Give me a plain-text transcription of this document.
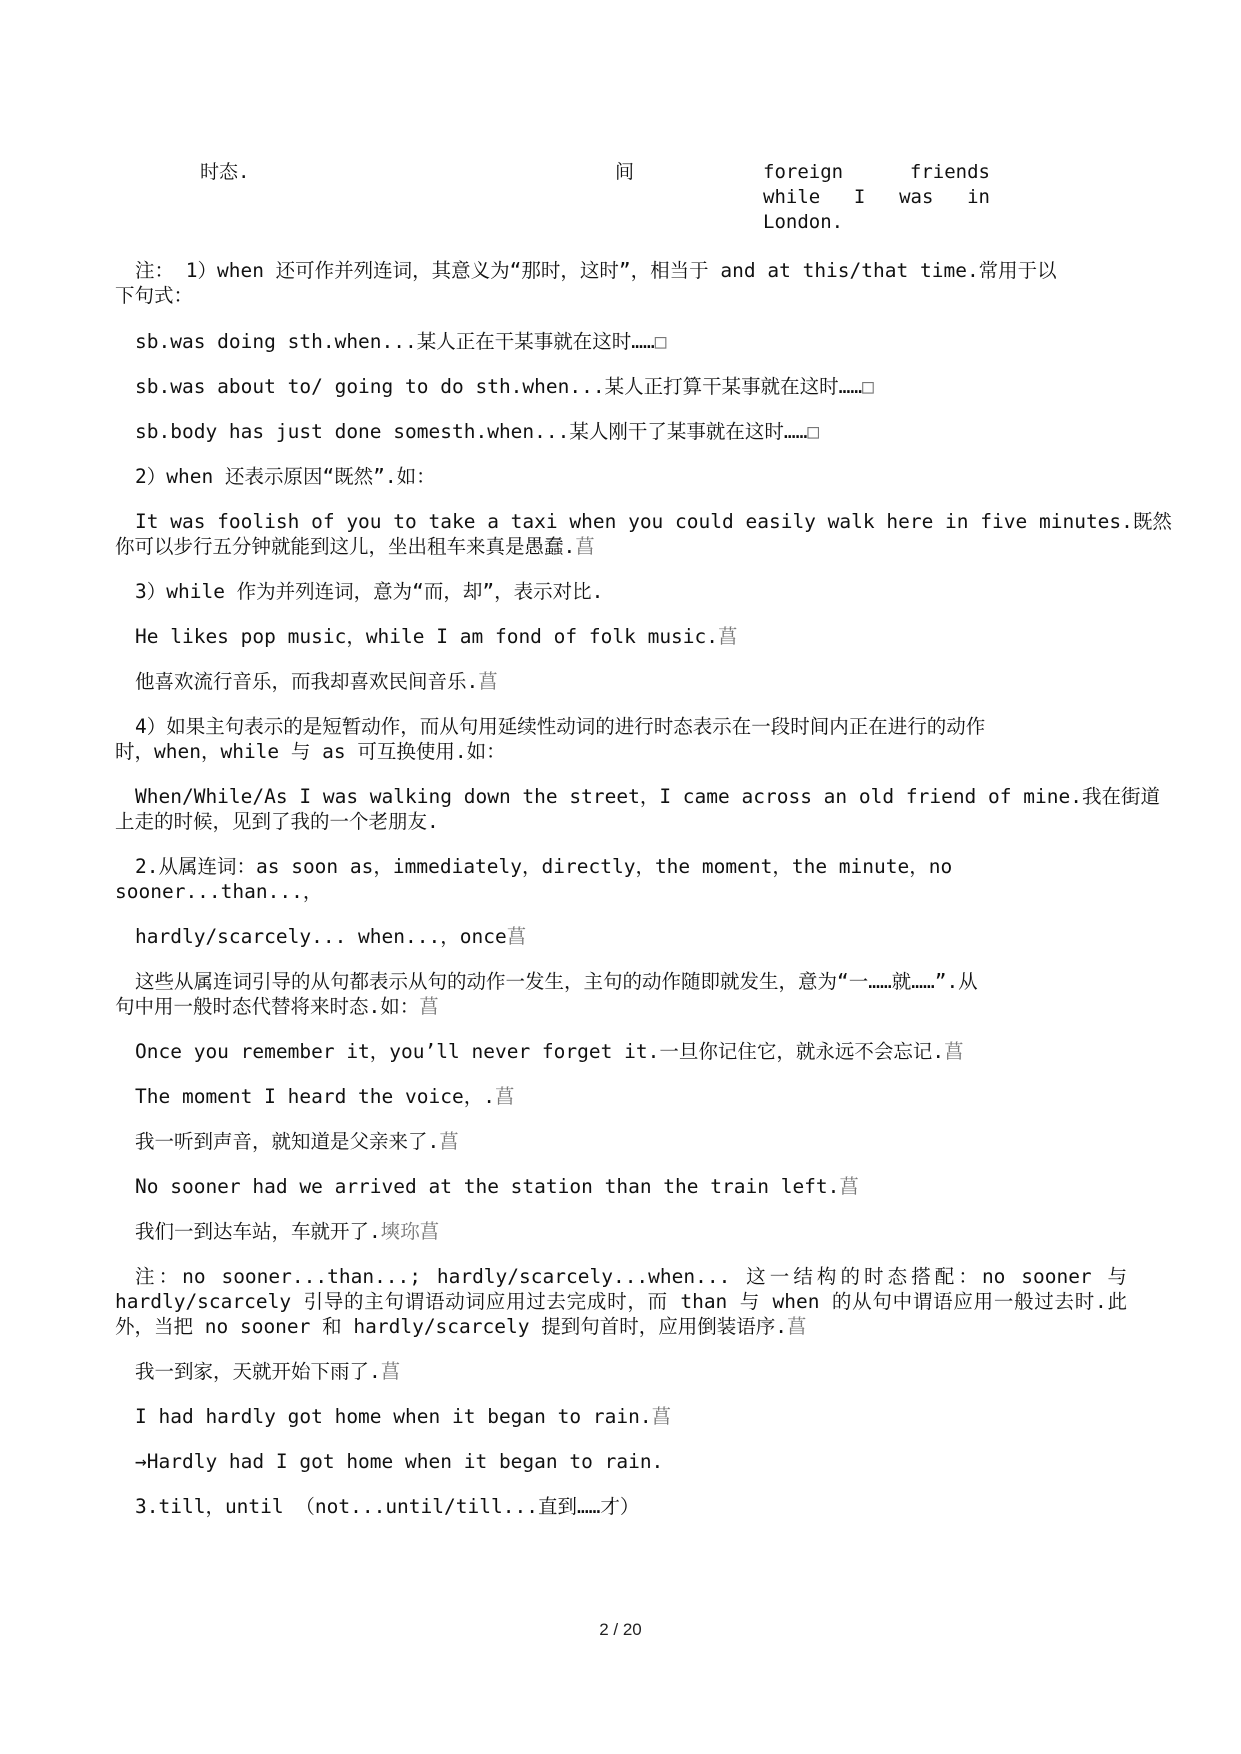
时态.	间	foreign friends
while I was in
London.
注： 1）when 还可作并列连词，其意义为“那时，这时”，相当于 and at this/that time.常用于以
下句式：
sb.was doing sth.when...某人正在干某事就在这时……□
sb.was about to/ going to do sth.when...某人正打算干某事就在这时……□
sb.body has just done somesth.when...某人刚干了某事就在这时……□
2）when 还表示原因“既然”.如：
It was foolish of you to take a taxi when you could easily walk here in five minutes.既然
你可以步行五分钟就能到这儿，坐出租车来真是愚蠢.菖
3）while 作为并列连词，意为“而，却”，表示对比.
He likes pop music，while I am fond of folk music.菖
他喜欢流行音乐，而我却喜欢民间音乐.菖
4）如果主句表示的是短暂动作，而从句用延续性动词的进行时态表示在一段时间内正在进行的动作
时，when，while 与 as 可互换使用.如：
When/While/As I was walking down the street，I came across an old friend of mine.我在街道
上走的时候，见到了我的一个老朋友.
2.从属连词：as soon as，immediately，directly，the moment，the minute，no
sooner...than...，
hardly/scarcely... when...，once菖
这些从属连词引导的从句都表示从句的动作一发生，主句的动作随即就发生，意为“一……就……”.从
句中用一般时态代替将来时态.如：菖
Once you remember it，you’ll never forget it.一旦你记住它，就永远不会忘记.菖
The moment I heard the voice，.菖
我一听到声音，就知道是父亲来了.菖
No sooner had we arrived at the station than the train left.菖
我们一到达车站，车就开了.塽珎菖
注：no sooner...than...; hardly/scarcely...when... 这一结构的时态搭配：no sooner 与 hardly/scarcely 引导的主句谓语动词应用过去完成时，而 than 与 when 的从句中谓语应用一般过去时.此外，当把 no sooner 和 hardly/scarcely 提到句首时，应用倒装语序.菖
我一到家，天就开始下雨了.菖
I had hardly got home when it began to rain.菖
→Hardly had I got home when it began to rain.
3.till，until （not...until/till...直到……才）
2 / 20
